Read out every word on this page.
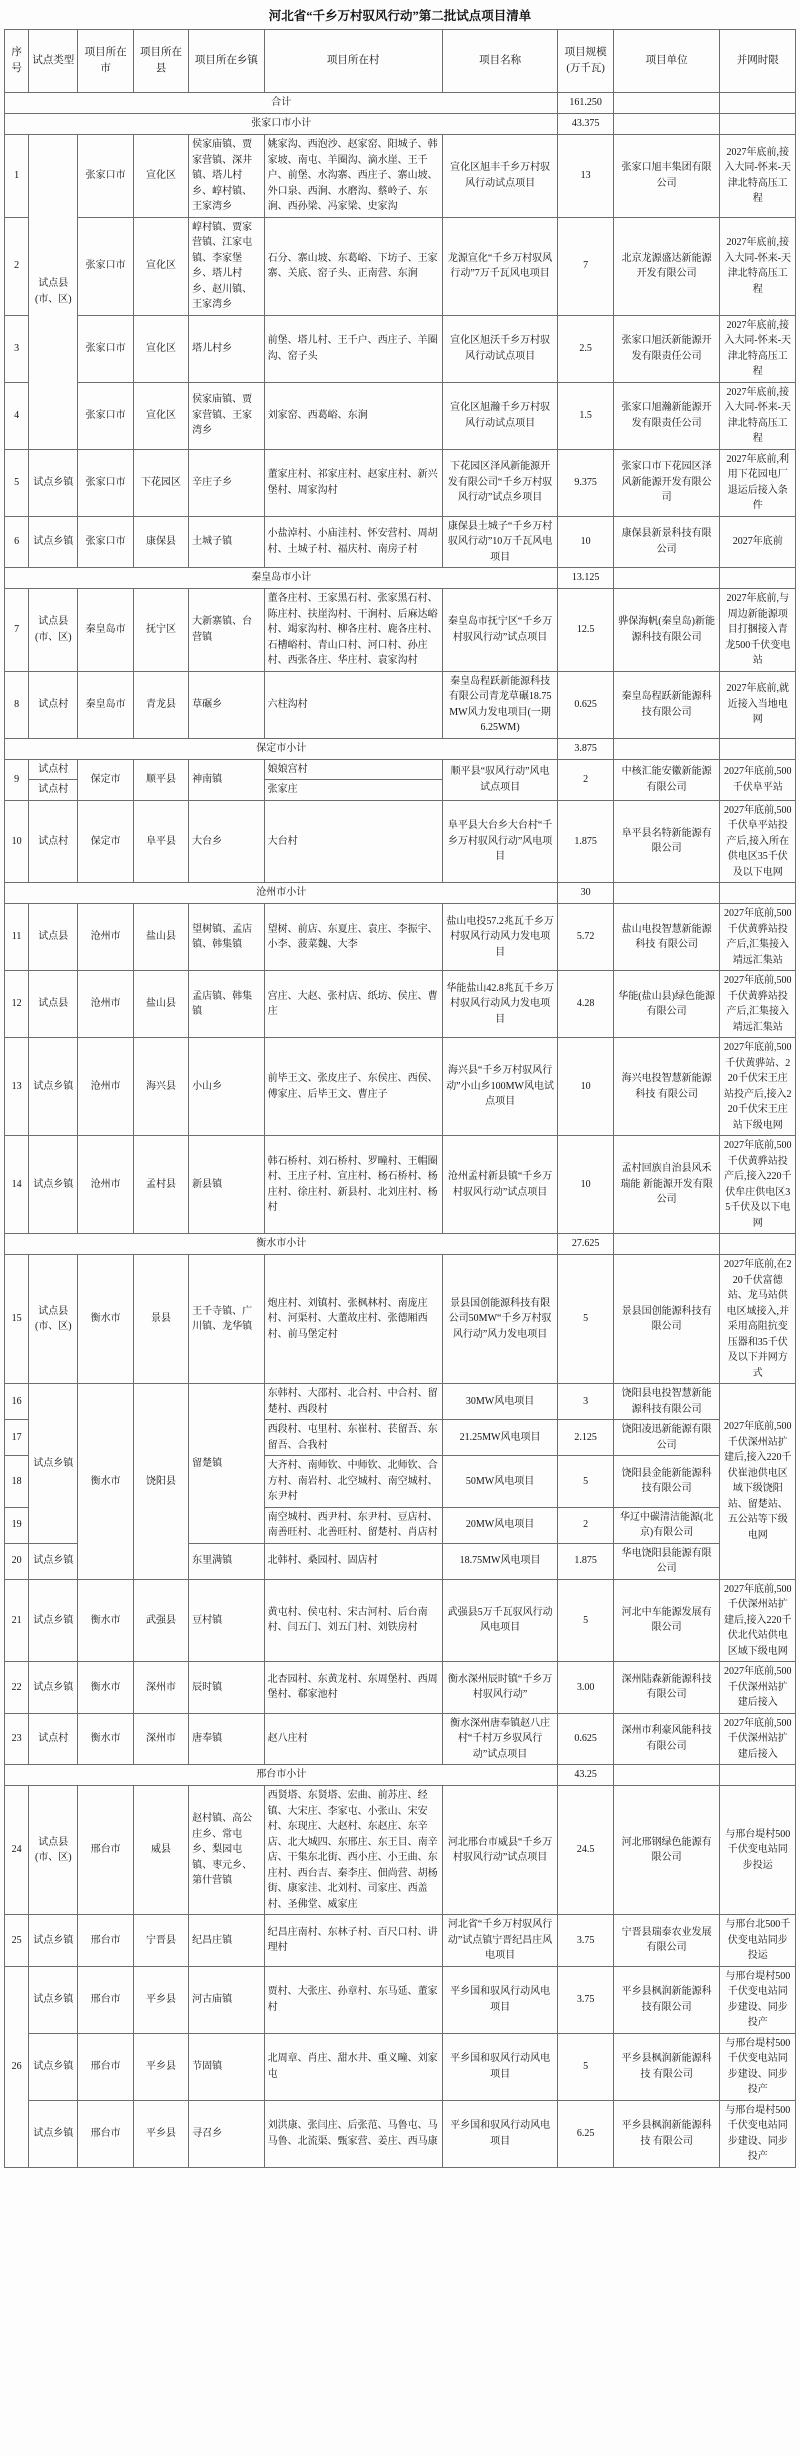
河北省“千乡万村驭风行动”第二批试点项目清单
序号	试点类型	项目所在市	项目所在县	项目所在乡镇	项目所在村	项目名称	项目规模(万千瓦)	项目单位	并网时限
合计							161.250		
张家口市小计							43.375		
1	试点县(市、区)	张家口市	宣化区	侯家庙镇、贾家营镇、深井镇、塔儿村乡、崞村镇、王家湾乡	姚家沟、西泡沙、赵家窑、阳城子、韩家坡、南屯、羊圈沟、滴水崖、王千户、前堡、水沟寨、西庄子、寨山坡、外口泉、西涧、水磨沟、蔡岭子、东涧、西孙梁、冯家梁、史家沟	宣化区旭丰千乡万村驭风行动试点项目	13	张家口旭丰集团有限公司	2027年底前,接入大同-怀来-天津北特高压工程
2		张家口市	宣化区	崞村镇、贾家营镇、江家屯镇、李家堡乡、塔儿村乡、赵川镇、王家湾乡	石分、寨山坡、东葛峪、下坊子、王家寨、关底、窑子头、正南营、东涧	龙源宣化“千乡万村驭风行动”7万千瓦风电项目	7	北京龙源盛达新能源开发有限公司	2027年底前,接入大同-怀来-天津北特高压工程
3		张家口市	宣化区	塔儿村乡	前堡、塔儿村、王千户、西庄子、羊圈沟、窑子头	宣化区旭沃千乡万村驭风行动试点项目	2.5	张家口旭沃新能源开发有限责任公司	2027年底前,接入大同-怀来-天津北特高压工程
4		张家口市	宣化区	侯家庙镇、贾家营镇、王家湾乡	刘家窑、西葛峪、东涧	宣化区旭瀚千乡万村驭风行动试点项目	1.5	张家口旭瀚新能源开发有限责任公司	2027年底前,接入大同-怀来-天津北特高压工程
5	试点乡镇	张家口市	下花园区	辛庄子乡	董家庄村、祁家庄村、赵家庄村、新兴堡村、周家沟村	下花园区泽风新能源开发有限公司“千乡万村驭风行动”试点乡项目	9.375	张家口市下花园区泽风新能源开发有限公司	2027年底前,利用下花园电厂退运后接入条件
6	试点乡镇	张家口市	康保县	土城子镇	小盐淖村、小庙洼村、怀安营村、周胡村、土城子村、福庆村、南房子村	康保县土城子“千乡万村驭风行动”10万千瓦风电项目	10	康保县新景科技有限公司	2027年底前
秦皇岛市小计							13.125		
7	试点县(市、区)	秦皇岛市	抚宁区	大新寨镇、台营镇	董各庄村、王家黑石村、张家黑石村、陈庄村、扶崖沟村、干涧村、后麻达峪村、竭家沟村、柳各庄村、鹿各庄村、石槽峪村、青山口村、河口村、孙庄村、西张各庄、华庄村、袁家沟村	秦皇岛市抚宁区“千乡万村驭风行动”试点项目	12.5	骅保海帆(秦皇岛)新能源科技有限公司	2027年底前,与周边新能源项目打捆接入青龙500千伏变电站
8	试点村	秦皇岛市	青龙县	草碾乡	六柱沟村	秦皇岛程跃新能源科技有限公司青龙草碾18.75MW风力发电项目(一期6.25WM)	0.625	秦皇岛程跃新能源科技有限公司	2027年底前,就近接入当地电网
保定市小计							3.875		
9	试点村	保定市	顺平县	神南镇	娘娘宫村	顺平县“驭风行动”风电试点项目	2	中核汇能安徽新能源有限公司	2027年底前,500千伏阜平站
	试点村				张家庄				
10	试点村	保定市	阜平县	大台乡	大台村	阜平县大台乡大台村“千乡万村驭风行动”风电项目	1.875	阜平县名特新能源有限公司	2027年底前,500千伏阜平站投产后,接入所在供电区35千伏及以下电网
沧州市小计							30		
11	试点县	沧州市	盐山县	望树镇、孟店镇、韩集镇	望树、前店、东夏庄、袁庄、李振宇、小李、菠菜魏、大李	盐山电投57.2兆瓦千乡万村驭风行动风力发电项目	5.72	盐山电投智慧新能源科技 有限公司	2027年底前,500千伏黄骅站投产后,汇集接入靖远汇集站
12	试点县	沧州市	盐山县	孟店镇、韩集镇	宫庄、大赵、张村店、纸坊、侯庄、曹庄	华能盐山42.8兆瓦千乡万村驭风行动风力发电项目	4.28	华能(盐山县)绿色能源 有限公司	2027年底前,500千伏黄骅站投产后,汇集接入靖远汇集站
13	试点乡镇	沧州市	海兴县	小山乡	前毕王文、张皮庄子、东侯庄、西侯、傅家庄、后毕王文、曹庄子	海兴县“千乡万村驭风行动”小山乡100MW风电试点项目	10	海兴电投智慧新能源科技 有限公司	2027年底前,500千伏黄骅站、220千伏宋王庄站投产后,接入220千伏宋王庄站下级电网
14	试点乡镇	沧州市	孟村县	新县镇	韩石桥村、刘石桥村、罗疃村、王帽圈村、王庄子村、宣庄村、杨石桥村、杨庄村、徐庄村、新县村、北刘庄村、杨村	沧州孟村新县镇“千乡万村驭风行动”试点项目	10	孟村回族自治县风禾瑞能 新能源开发有限公司	2027年底前,500千伏黄骅站投产后,接入220千伏牟庄供电区35千伏及以下电网
衡水市小计							27.625		
15	试点县(市、区)	衡水市	景县	王千寺镇、广川镇、龙华镇	炮庄村、刘镇村、张枫林村、南庞庄村、河渠村、大董故庄村、张德厢西村、前马堡定村	景县国创能源科技有限公司50MW“千乡万村驭风行动”风力发电项目	5	景县国创能源科技有限公司	2027年底前,在220千伏富德站、龙马站供电区域接入,并采用高阻抗变压器和35千伏及以下并网方式
16	试点乡镇	衡水市	饶阳县	留楚镇	东韩村、大邵村、北合村、中合村、留楚村、西段村	30MW风电项目	3	饶阳县电投智慧新能源科技有限公司	2027年底前,500千伏深州站扩建后,接入220千伏崔池供电区域下级饶阳站、留楚站、五公站等下级电网
17					西段村、屯里村、东崔村、苌留吾、东留吾、合我村	21.25MW风电项目	2.125	饶阳凌迅新能源有限公司	
18					大齐村、南师钦、中师钦、北师钦、合方村、南岩村、北空城村、南空城村、东尹村	50MW风电项目	5	饶阳县金能新能源科技有限公司	
19					南空城村、西尹村、东尹村、豆店村、南善旺村、北善旺村、留楚村、肖店村	20MW风电项目	2	华辽中碳清洁能源(北京)有限公司	
20	试点乡镇			东里满镇	北韩村、桑园村、固店村	18.75MW风电项目	1.875	华电饶阳县能源有限公司	
21	试点乡镇	衡水市	武强县	豆村镇	黄屯村、侯屯村、宋古河村、后台南村、闫五门、刘五门村、刘铁房村	武强县5万千瓦驭风行动风电项目	5	河北中车能源发展有限公司	2027年底前,500千伏深州站扩建后,接入220千伏北代站供电区域下级电网
22	试点乡镇	衡水市	深州市	辰时镇	北杏园村、东黄龙村、东周堡村、西周堡村、郗家池村	衡水深州辰时镇“千乡万村驭风行动”	3.00	深州陆森新能源科技有限公司	2027年底前,500千伏深州站扩建后接入
23	试点村	衡水市	深州市	唐奉镇	赵八庄村	衡水深州唐奉镇赵八庄村“千村万乡驭风行动”试点项目	0.625	深州市利豪风能科技有限公司	2027年底前,500千伏深州站扩建后接入
邢台市小计							43.25		
24	试点县(市、区)	邢台市	威县	赵村镇、高公庄乡、常屯乡、梨园屯镇、枣元乡、第什营镇	西贤塔、东贤塔、宏曲、前苏庄、经镇、大宋庄、李家屯、小张山、宋安村、东现庄、大赵村、东赵庄、东辛店、北大城四、东邢庄、东王目、南辛店、干集东北街、西小庄、小王曲、东庄村、西台吉、秦李庄、佃尚营、胡杨街、康家洼、北刘村、司家庄、西盖村、圣佛堂、威家庄	河北邢台市威县“千乡万村驭风行动”试点项目	24.5	河北邢钢绿色能源有限公司	与邢台堤村500千伏变电站同步投运
25	试点乡镇	邢台市	宁晋县	纪昌庄镇	纪昌庄南村、东林子村、百尺口村、讲理村	河北省“千乡万村驭风行动”试点镇宁晋纪昌庄风电项目	3.75	宁晋县瑞泰农业发展有限公司	与邢台北500千伏变电站同步投运
26	试点乡镇	邢台市	平乡县	河古庙镇	贾村、大张庄、孙章村、东马延、董家村	平乡国和驭风行动风电项目	3.75	平乡县枫润新能源科技有限公司	与邢台堤村500千伏变电站同步建设、同步投产
	试点乡镇	邢台市	平乡县	节固镇	北周章、肖庄、甜水井、重义疃、刘家屯	平乡国和驭风行动风电项目	5	平乡县枫润新能源科技 有限公司	与邢台堤村500千伏变电站同步建设、同步投产
	试点乡镇	邢台市	平乡县	寻召乡	刘洪康、张闫庄、后张范、马鲁屯、马马鲁、北流渠、甄家营、姜庄、西马康	平乡国和驭风行动风电项目	6.25	平乡县枫润新能源科技 有限公司	与邢台堤村500千伏变电站同步建设、同步投产
